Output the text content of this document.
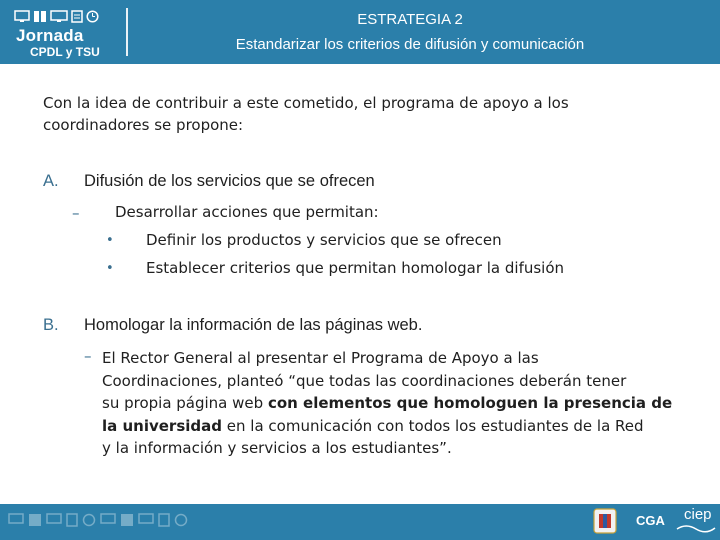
Jornada
CPDL y TSU
ESTRATEGIA 2
Estandarizar los criterios de difusión y comunicación
Con la idea de contribuir a este cometido, el programa de apoyo a los
coordinadores se propone:
A. Difusión de los servicios que se ofrecen
– Desarrollar acciones que permitan:
• Definir los productos y servicios que se ofrecen
• Establecer criterios que permitan homologar la difusión
B. Homologar la información de las páginas web.
– El Rector General al presentar el Programa de Apoyo a las
Coordinaciones, planteó “que todas las coordinaciones deberán tener
su propia página web con elementos que homologuen la presencia de
la universidad en la comunicación con todos los estudiantes de la Red
y la información y servicios a los estudiantes”.
CGA ciep
